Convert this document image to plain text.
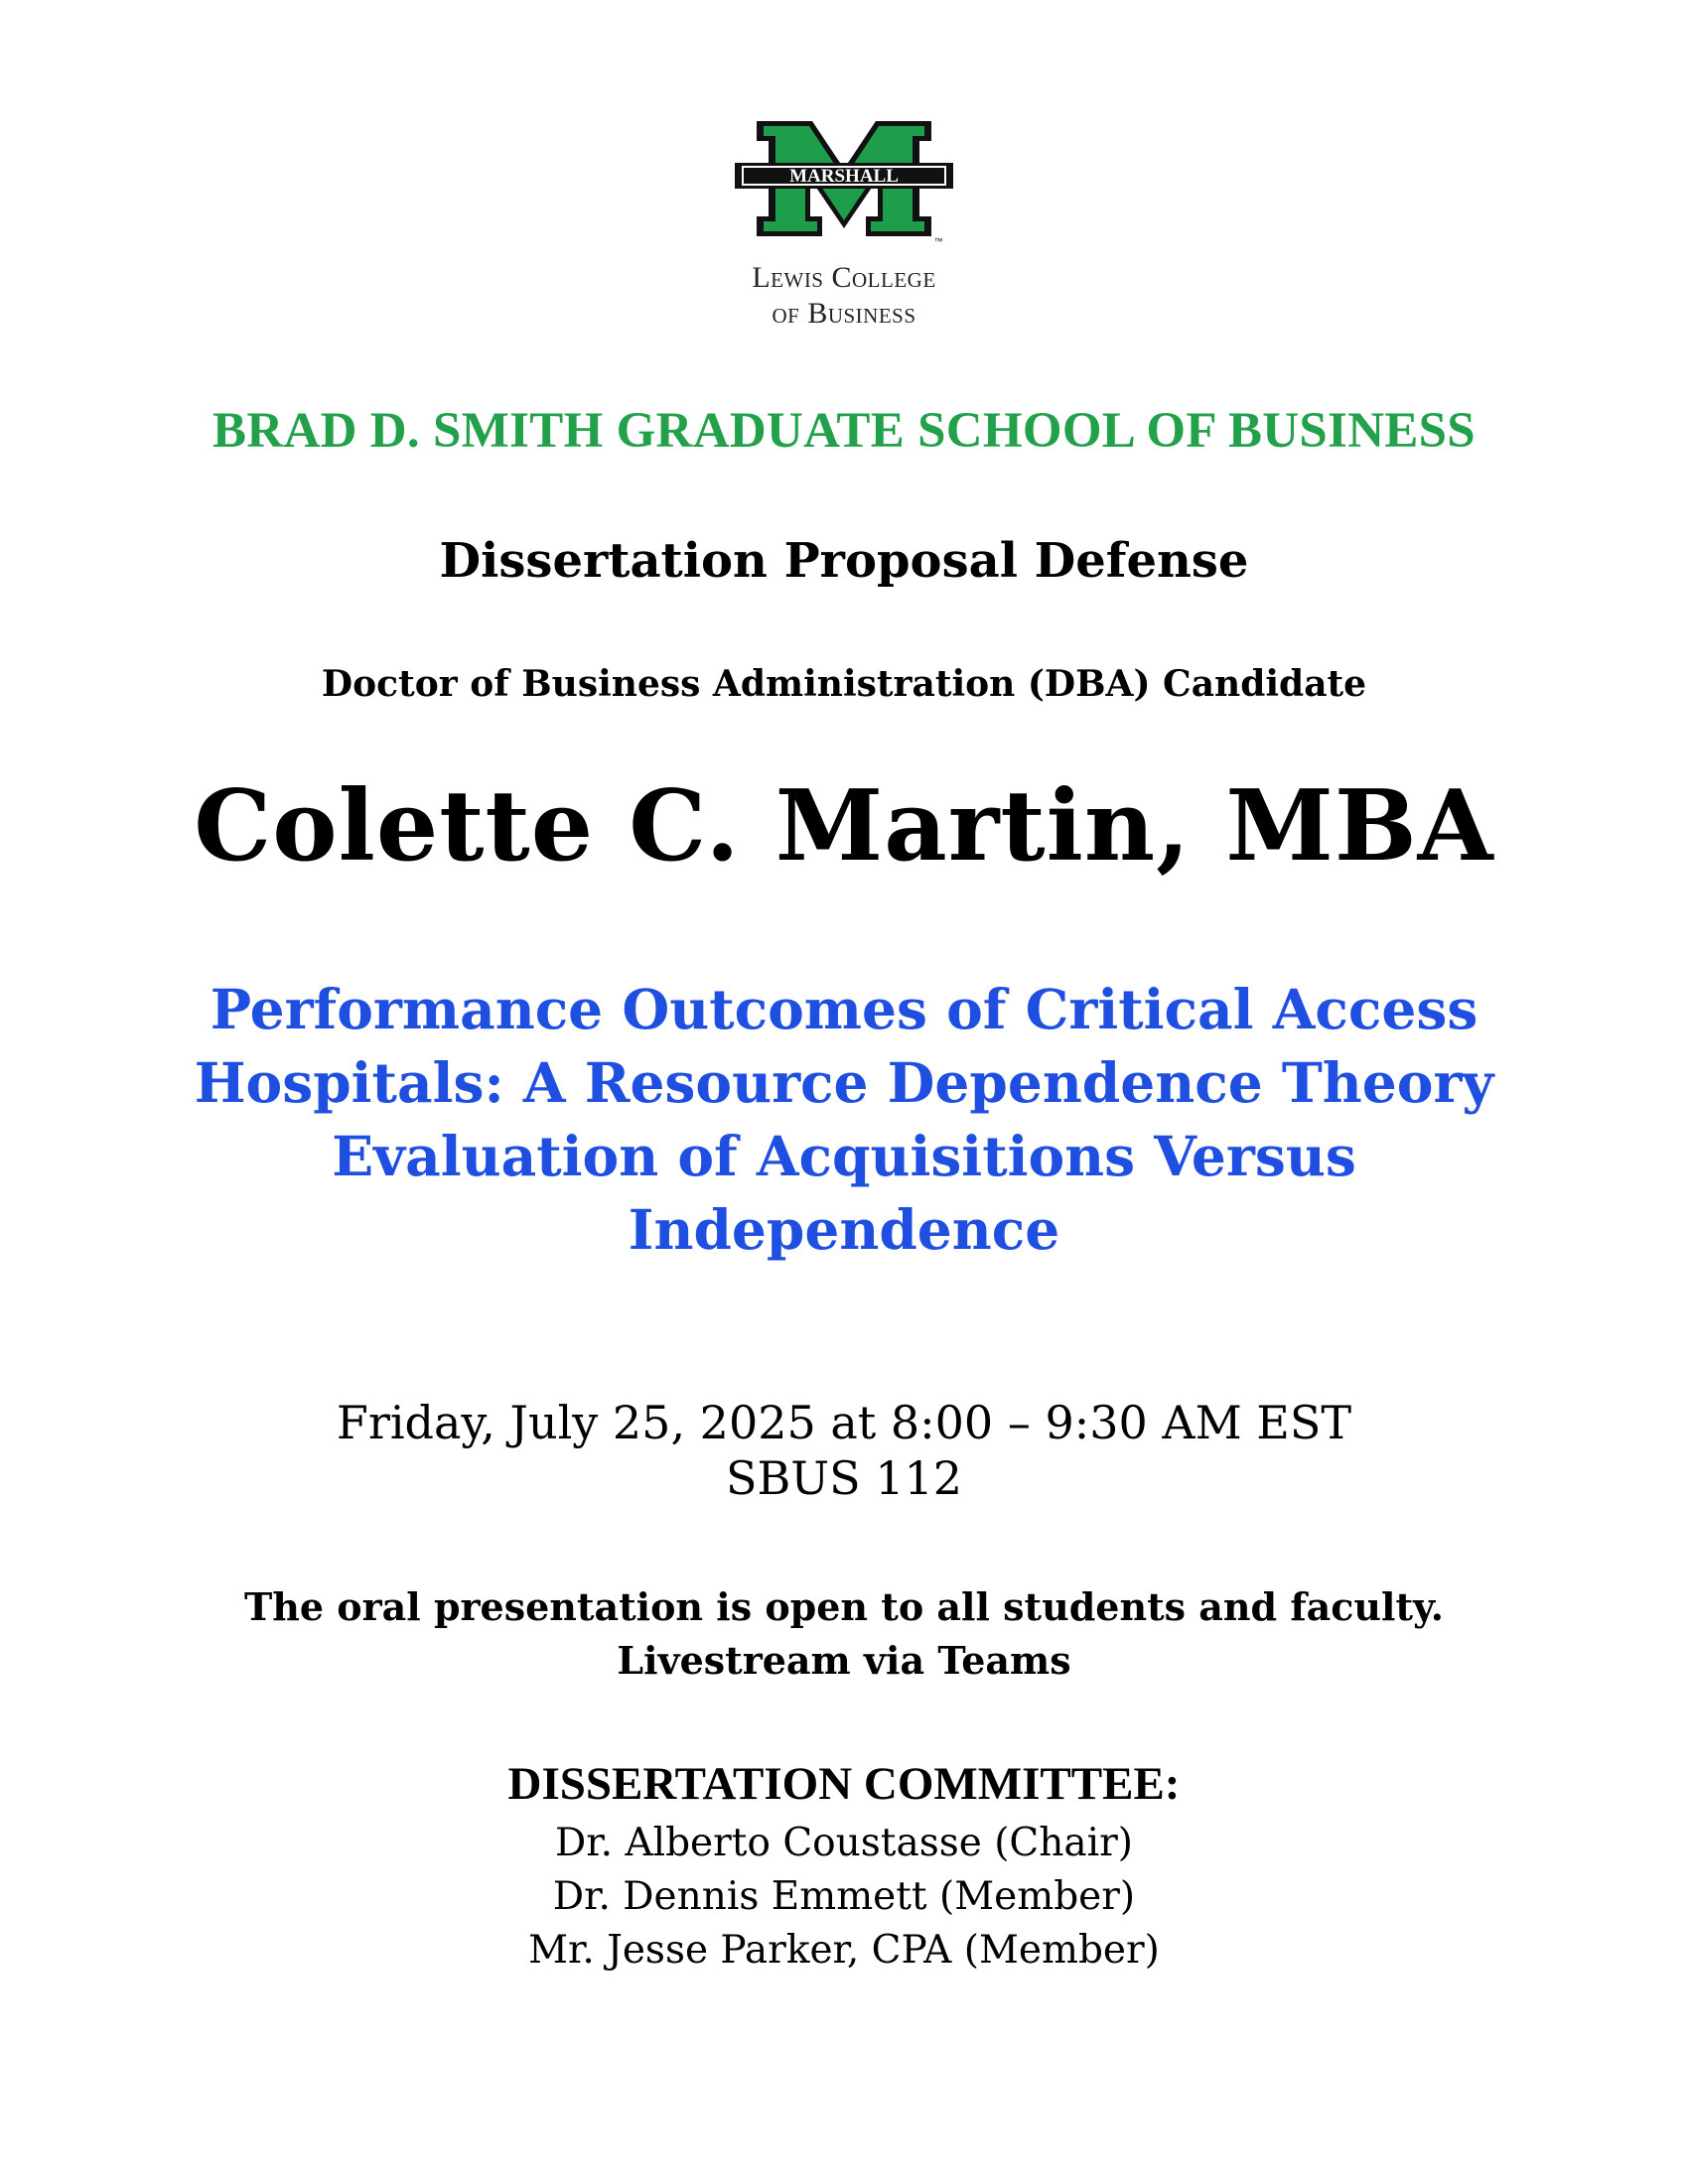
MARSHALL
™
Lewis College
of Business
BRAD D. SMITH GRADUATE SCHOOL OF BUSINESS
Dissertation Proposal Defense
Doctor of Business Administration (DBA) Candidate
Colette C. Martin, MBA
Performance Outcomes of Critical Access
Hospitals: A Resource Dependence Theory
Evaluation of Acquisitions Versus
Independence
Friday, July 25, 2025 at 8:00 – 9:30 AM EST
SBUS 112
The oral presentation is open to all students and faculty.
Livestream via Teams
DISSERTATION COMMITTEE:
Dr. Alberto Coustasse (Chair)
Dr. Dennis Emmett (Member)
Mr. Jesse Parker, CPA (Member)
